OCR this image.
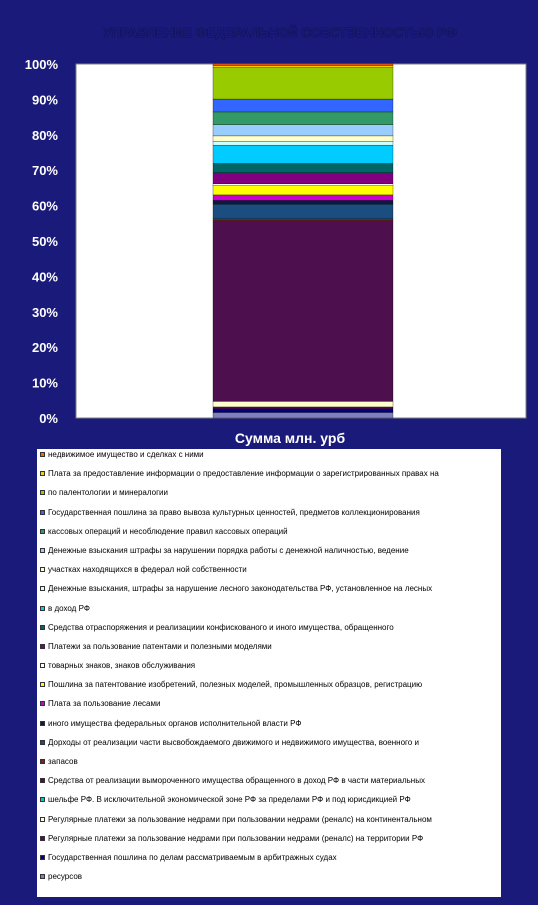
0%
10%
20%
30%
40%
50%
60%
70%
80%
90%
100%
УПРАВЛЕНИЕ ФЕДЕРАЛЬНОЙ СОБСТВЕННОСТЬЮ РФ
Сумма млн. урб
недвижимое имущество и сделках с ними
Плата за предоставление информации о предоставление информации о зарегистрированных правах на
по палентологии и минералогии
Государственная пошлина за право вывоза культурных ценностей, предметов коллекционирования
кассовых операций и несоблюдение правил кассовых операций
Денежные взыскания штрафы за нарушении порядка работы с денежной наличностью, ведение
участках находящихся в федерал ной собственности
Денежные взыскания, штрафы за нарушение лесного законодательства РФ, установленное на лесных
в доход РФ
Средства отраспоряжения и реализациии конфискованого и иного имущества, обращенного
Платежи за пользование патентами и полезными моделями
товарных знаков, знаков обслуживания
Пошлина за патентование изобретений, полезных моделей, промышленных образцов, регистрацию
Плата за пользование лесами
иного имущества федеральных органов исполнительной власти РФ
Дорходы от реализации части высвобождаемого движимого и недвижимого имущества, военного и
запасов
Средства от реализации вымороченного имущества обращенного в доход РФ в части материальных
шельфе РФ. В исключительной экономической зоне РФ за пределами РФ и под юрисдикцией РФ
Регулярные платежи за пользование недрами при пользовании недрами (реналс) на континентальном
Регулярные платежи за пользование недрами при пользовании недрами (реналс) на территории РФ
Государственная пошлина по делам рассматриваемым в арбитражных судах
ресурсов
